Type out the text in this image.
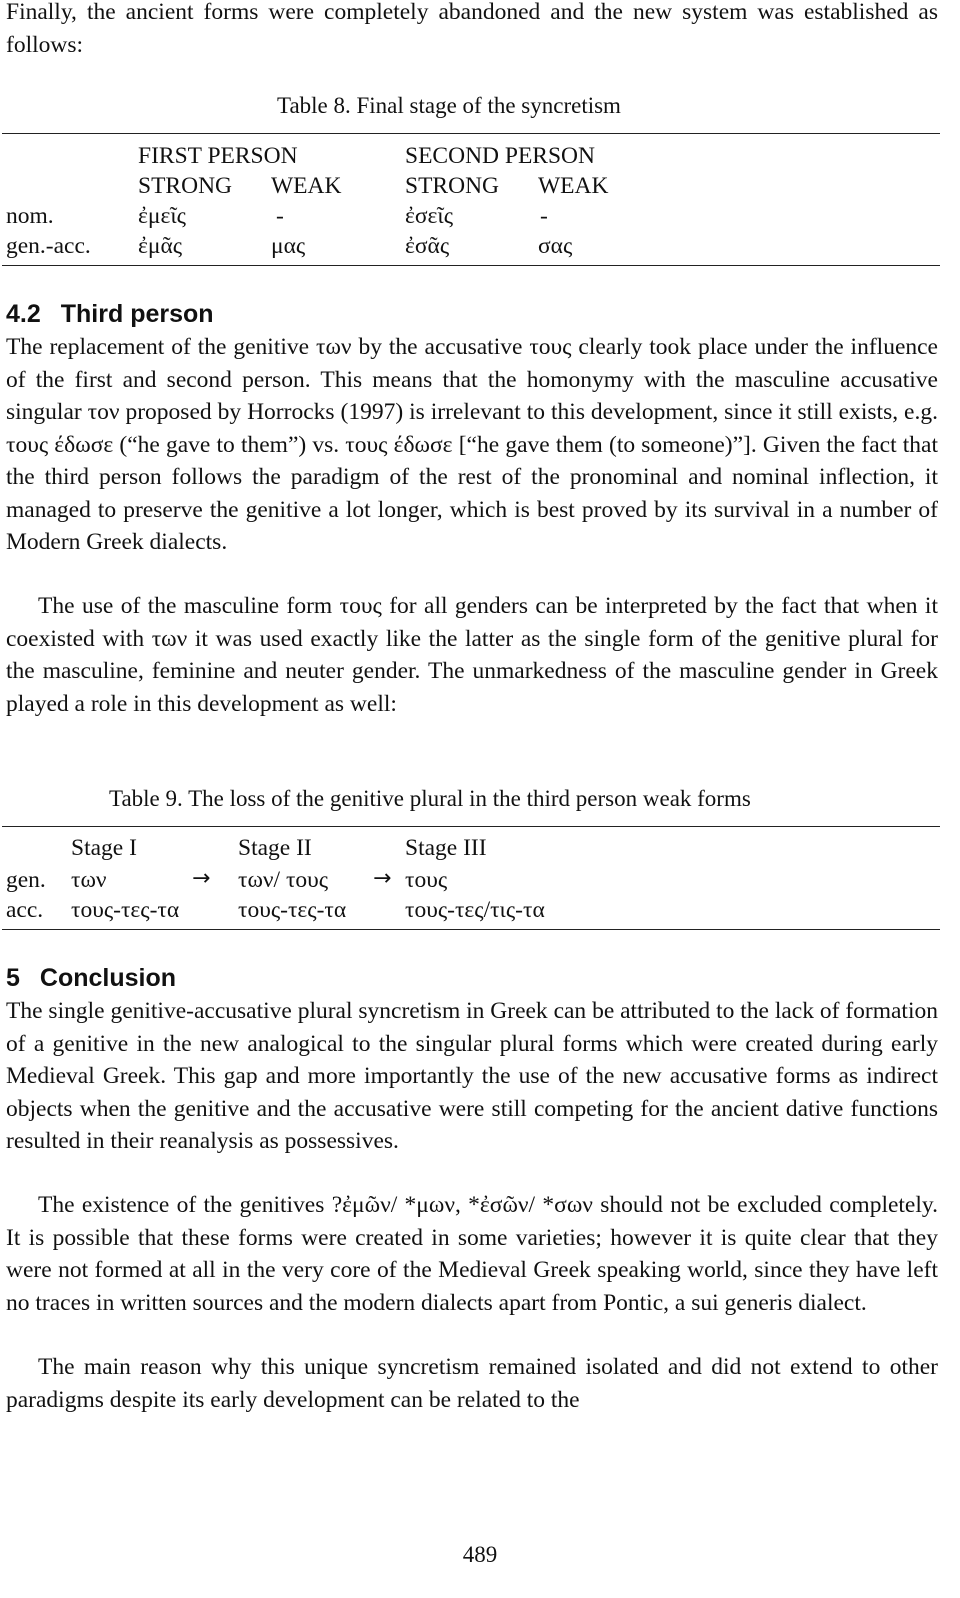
Finally, the ancient forms were completely abandoned and the new system was established as follows:

Table 8. Final stage of the syncretism
FIRST PERSON	SECOND PERSON
STRONG WEAK	STRONG WEAK
nom.	ἐμεῖς	-	ἐσεῖς	-
gen.-acc. ἐμᾶς	μας	ἐσᾶς	σας
4.2 Third person

The replacement of the genitive των by the accusative τους clearly took place under the influence of the first and second person. This means that the homonymy with the masculine accusative singular τον proposed by Horrocks (1997) is irrelevant to this development, since it still exists, e.g. τους έδωσε (“he gave to them”) vs. τους έδωσε [“he gave them (to someone)”]. Given the fact that the third person follows the paradigm of the rest of the pronominal and nominal inflection, it managed to preserve the genitive a lot longer, which is best proved by its survival in a number of Modern Greek dialects.

The use of the masculine form τους for all genders can be interpreted by the fact that when it coexisted with των it was used exactly like the latter as the single form of the genitive plural for the masculine, feminine and neuter gender. The unmarkedness of the masculine gender in Greek played a role in this development as well:

Table 9. The loss of the genitive plural in the third person weak forms
Stage I	Stage II	Stage III
gen. των	→ των/ τους → τους
acc. τους-τες-τα	τους-τες-τα	τους-τες/τις-τα
5 Conclusion

The single genitive-accusative plural syncretism in Greek can be attributed to the lack of formation of a genitive in the new analogical to the singular plural forms which were created during early Medieval Greek. This gap and more importantly the use of the new accusative forms as indirect objects when the genitive and the accusative were still competing for the ancient dative functions resulted in their reanalysis as possessives.

The existence of the genitives ?ἐμῶν/ *μων, *ἐσῶν/ *σων should not be excluded completely. It is possible that these forms were created in some varieties; however it is quite clear that they were not formed at all in the very core of the Medieval Greek speaking world, since they have left no traces in written sources and the modern dialects apart from Pontic, a sui generis dialect.

The main reason why this unique syncretism remained isolated and did not extend to other paradigms despite its early development can be related to the

489
